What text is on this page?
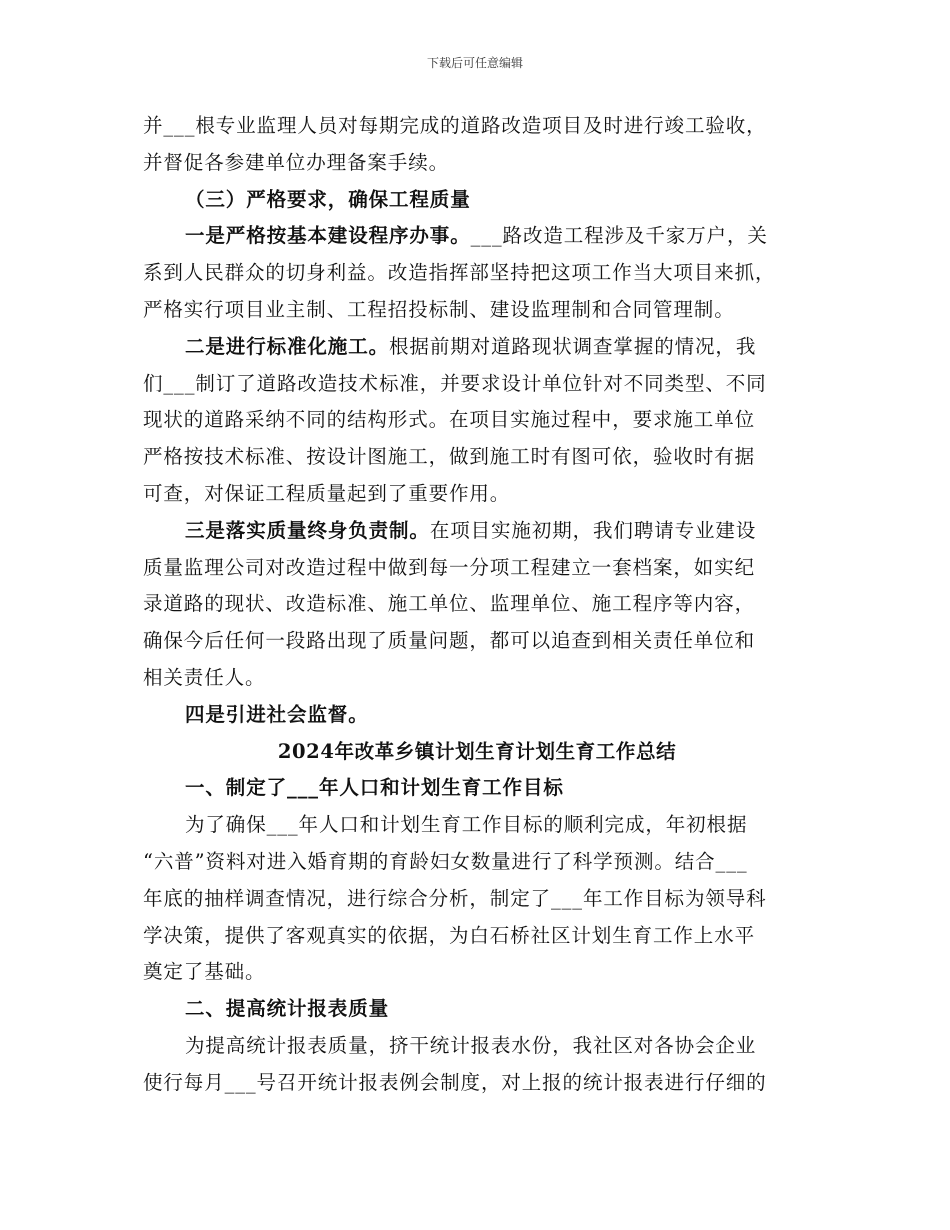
下载后可任意编辑

并___根专业监理人员对每期完成的道路改造项目及时进行竣工验收，

并督促各参建单位办理备案手续。

（三）严格要求，确保工程质量

一是严格按基本建设程序办事。___路改造工程涉及千家万户，关

系到人民群众的切身利益。改造指挥部坚持把这项工作当大项目来抓，

严格实行项目业主制、工程招投标制、建设监理制和合同管理制。

二是进行标准化施工。根据前期对道路现状调查掌握的情况，我

们___制订了道路改造技术标准，并要求设计单位针对不同类型、不同

现状的道路采纳不同的结构形式。在项目实施过程中，要求施工单位

严格按技术标准、按设计图施工，做到施工时有图可依，验收时有据

可查，对保证工程质量起到了重要作用。

三是落实质量终身负责制。在项目实施初期，我们聘请专业建设

质量监理公司对改造过程中做到每一分项工程建立一套档案，如实纪

录道路的现状、改造标准、施工单位、监理单位、施工程序等内容，

确保今后任何一段路出现了质量问题，都可以追查到相关责任单位和

相关责任人。

四是引进社会监督。

2024年改革乡镇计划生育计划生育工作总结

一、制定了___年人口和计划生育工作目标

为了确保___年人口和计划生育工作目标的顺利完成，年初根据

“六普”资料对进入婚育期的育龄妇女数量进行了科学预测。结合___

年底的抽样调查情况，进行综合分析，制定了___年工作目标为领导科

学决策，提供了客观真实的依据，为白石桥社区计划生育工作上水平

奠定了基础。

二、提高统计报表质量

为提高统计报表质量，挤干统计报表水份，我社区对各协会企业

使行每月___号召开统计报表例会制度，对上报的统计报表进行仔细的
